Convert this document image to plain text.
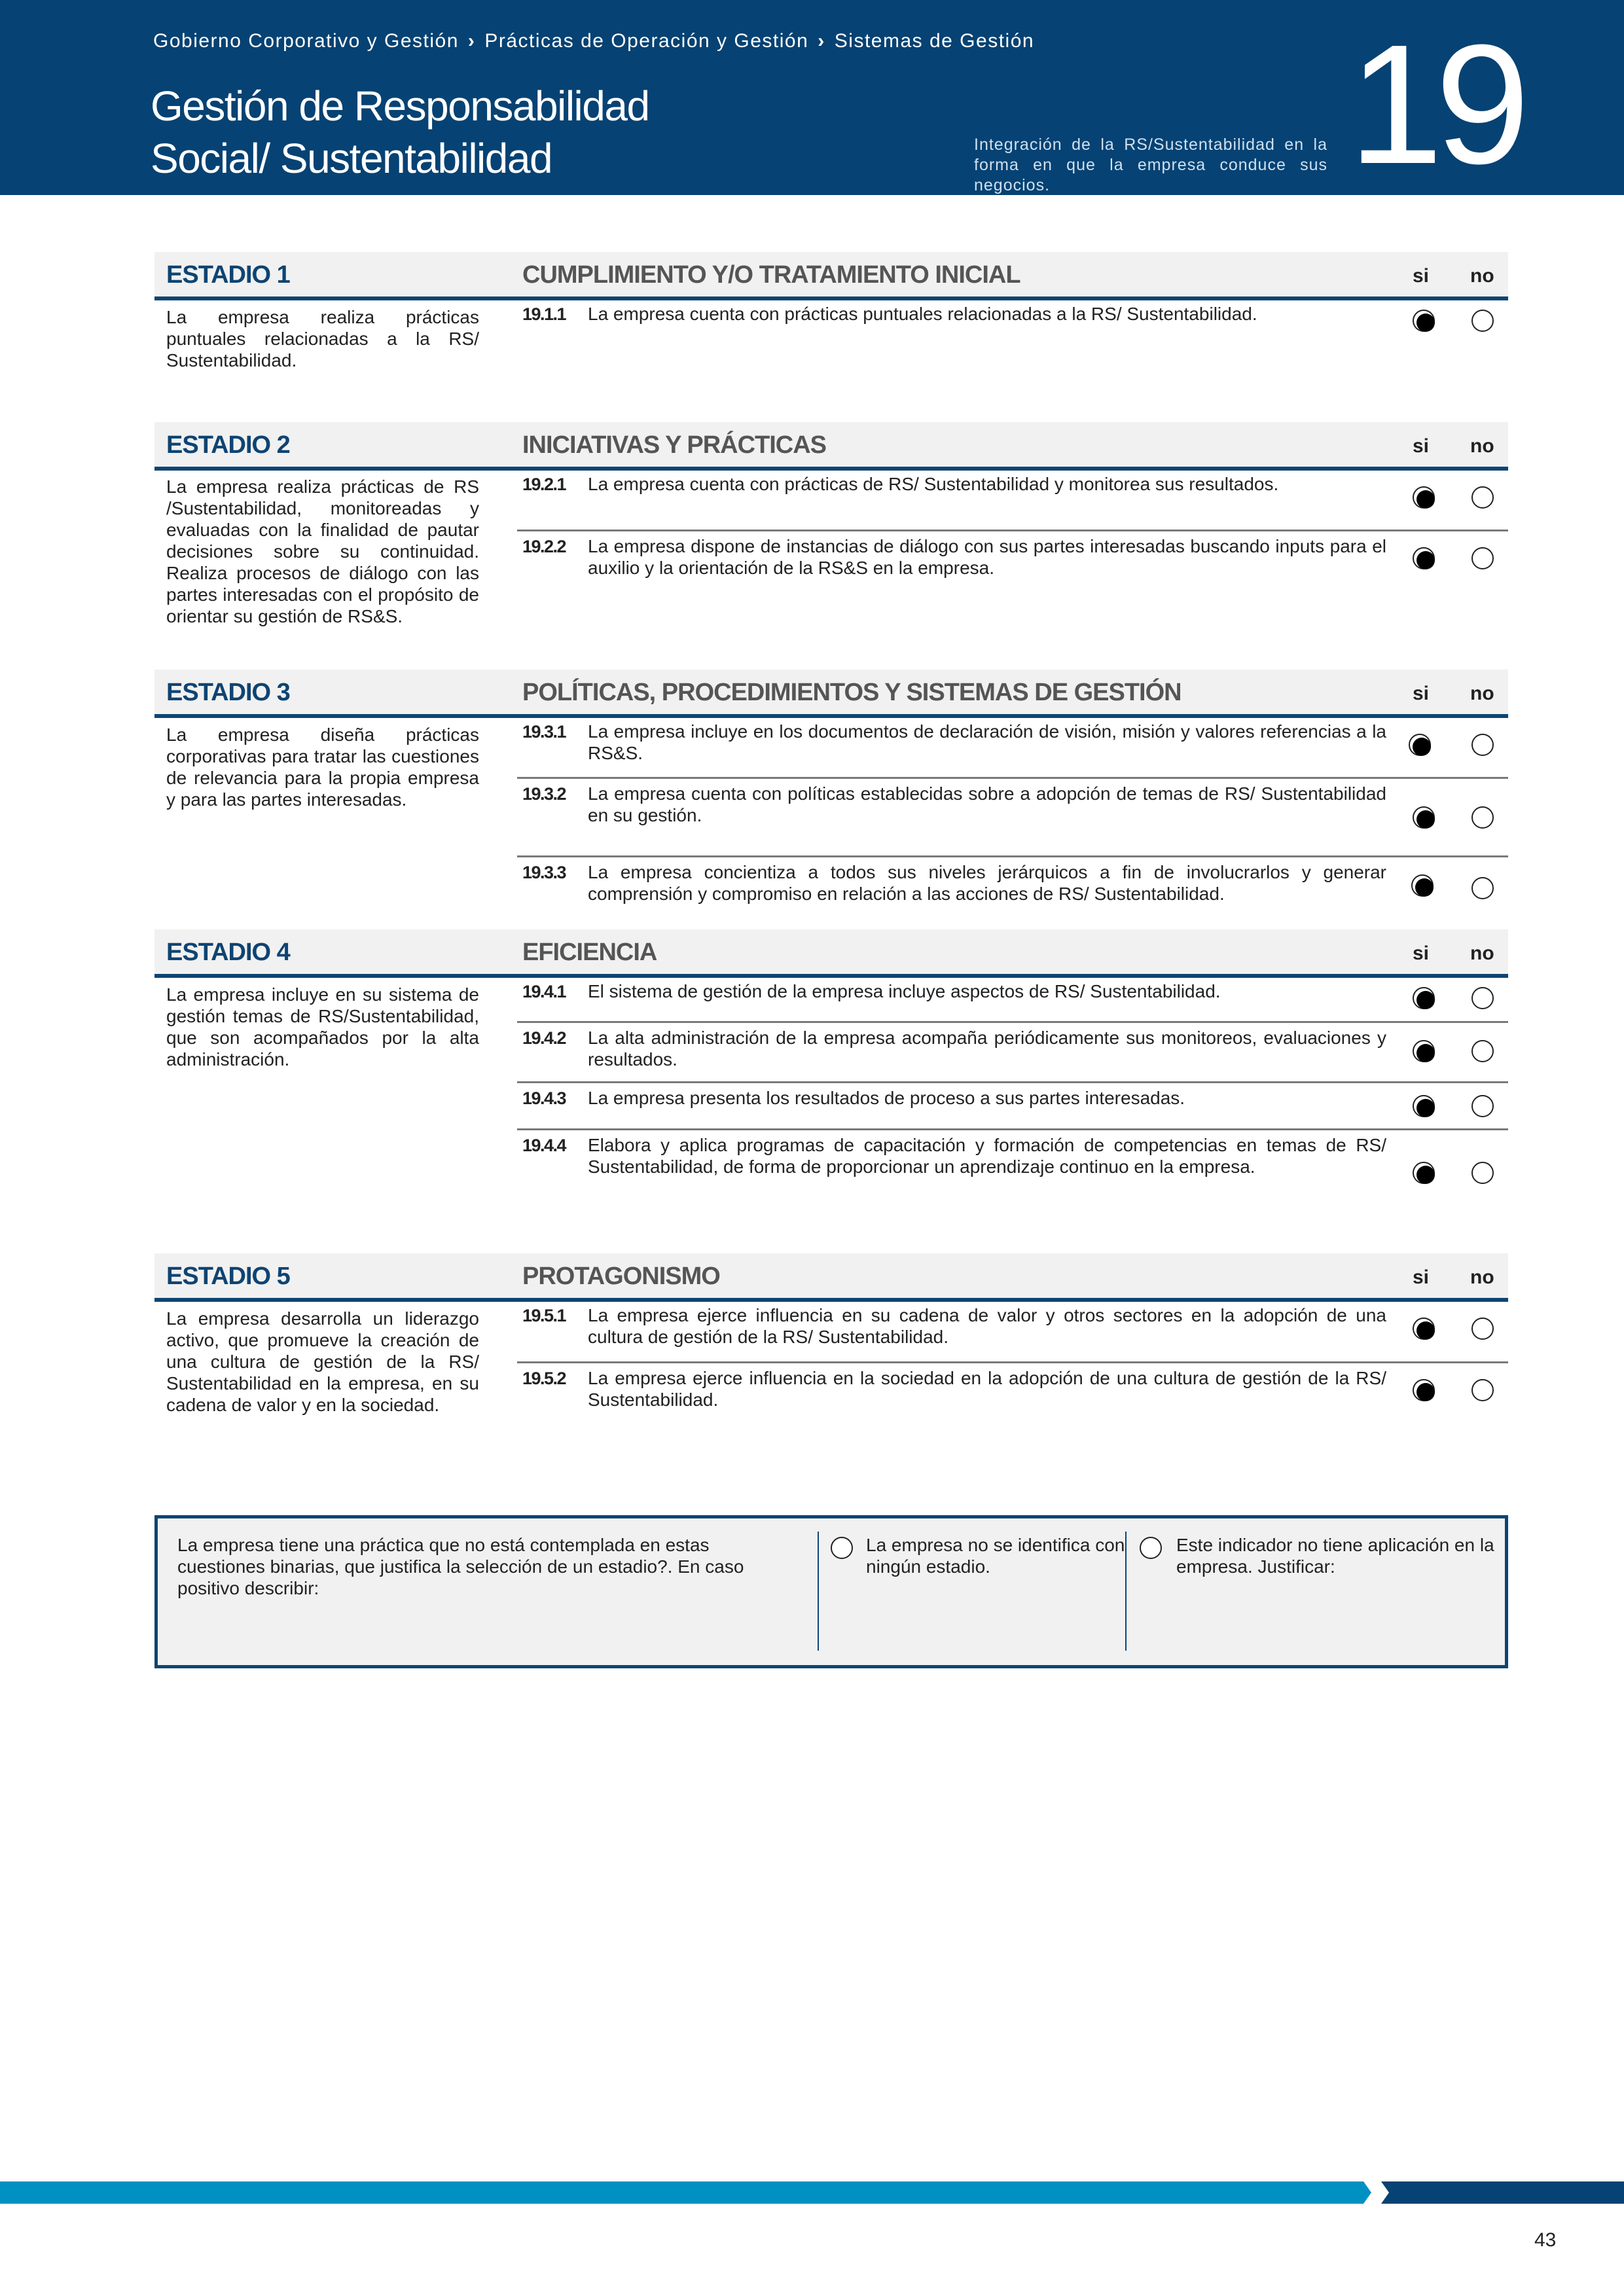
Gobierno Corporativo y Gestión › Prácticas de Operación y Gestión › Sistemas de Gestión
Gestión de Responsabilidad
Social/ Sustentabilidad	Integración de la RS/Sustentabilidad en la forma en que la empresa conduce sus negocios.	19
ESTADIO 1	CUMPLIMIENTO Y/O TRATAMIENTO INICIAL	si no
La empresa realiza prácticas puntuales relacionadas a la RS/ Sustentabilidad.
19.1.1 La empresa cuenta con prácticas puntuales relacionadas a la RS/ Sustentabilidad.
ESTADIO 2	INICIATIVAS Y PRÁCTICAS	si no
La empresa realiza prácticas de RS /Sustentabilidad, monitoreadas y evaluadas con la finalidad de pautar decisiones sobre su continuidad. Realiza procesos de diálogo con las partes interesadas con el propósito de orientar su gestión de RS&S.
19.2.1 La empresa cuenta con prácticas de RS/ Sustentabilidad y monitorea sus resultados.
19.2.2 La empresa dispone de instancias de diálogo con sus partes interesadas buscando inputs para el auxilio y la orientación de la RS&S en la empresa.
ESTADIO 3	POLÍTICAS, PROCEDIMIENTOS Y SISTEMAS DE GESTIÓN	si no
La empresa diseña prácticas corporativas para tratar las cuestiones de relevancia para la propia empresa y para las partes interesadas.
19.3.1 La empresa incluye en los documentos de declaración de visión, misión y valores referencias a la RS&S.
19.3.2 La empresa cuenta con políticas establecidas sobre a adopción de temas de RS/ Sustentabilidad en su gestión.
19.3.3 La empresa concientiza a todos sus niveles jerárquicos a fin de involucrarlos y generar comprensión y compromiso en relación a las acciones de RS/ Sustentabilidad.
ESTADIO 4	EFICIENCIA	si no
La empresa incluye en su sistema de gestión temas de RS/Sustentabilidad, que son acompañados por la alta administración.
19.4.1 El sistema de gestión de la empresa incluye aspectos de RS/ Sustentabilidad.
19.4.2 La alta administración de la empresa acompaña periódicamente sus monitoreos, evaluaciones y resultados.
19.4.3 La empresa presenta los resultados de proceso a sus partes interesadas.
19.4.4 Elabora y aplica programas de capacitación y formación de competencias en temas de RS/ Sustentabilidad, de forma de proporcionar un aprendizaje continuo en la empresa.
ESTADIO 5	PROTAGONISMO	si no
La empresa desarrolla un liderazgo activo, que promueve la creación de una cultura de gestión de la RS/ Sustentabilidad en la empresa, en su cadena de valor y en la sociedad.
19.5.1 La empresa ejerce influencia en su cadena de valor y otros sectores en la adopción de una cultura de gestión de la RS/ Sustentabilidad.
19.5.2 La empresa ejerce influencia en la sociedad en la adopción de una cultura de gestión de la RS/ Sustentabilidad.
La empresa tiene una práctica que no está contemplada en estas cuestiones binarias, que justifica la selección de un estadio?. En caso positivo describir:
La empresa no se identifica con ningún estadio.
Este indicador no tiene aplicación en la empresa. Justificar:
43
